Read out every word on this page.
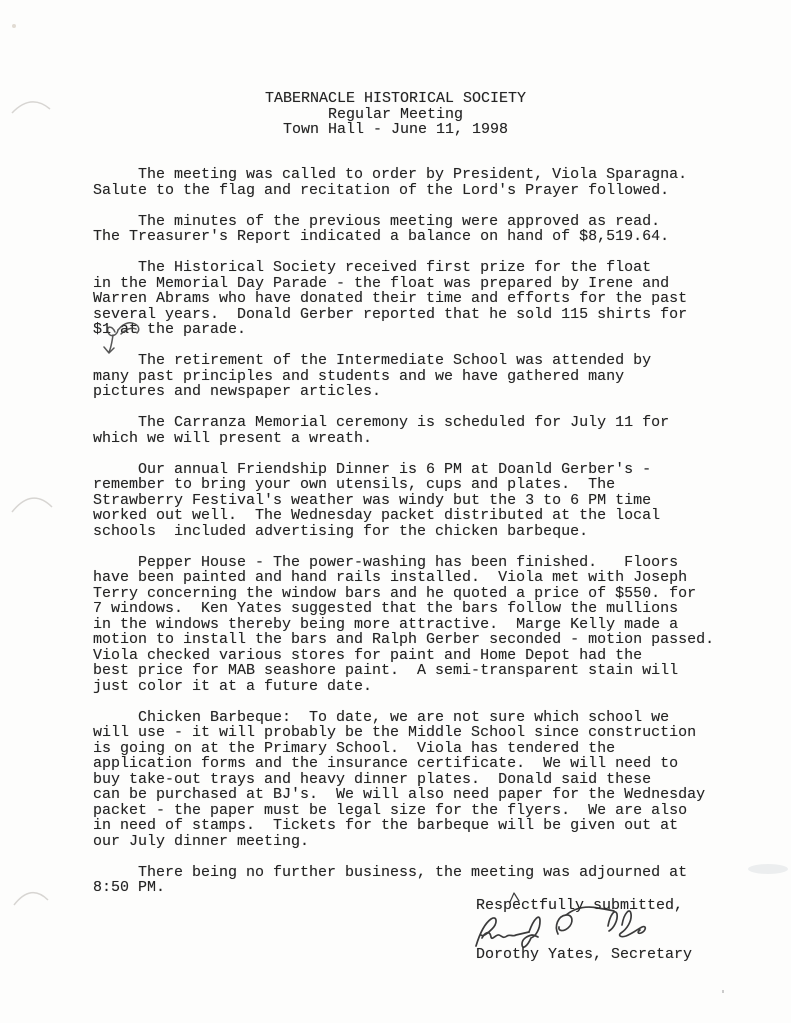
TABERNACLE HISTORICAL SOCIETY
Regular Meeting
Town Hall - June 11, 1998
The meeting was called to order by President, Viola Sparagna.
Salute to the flag and recitation of the Lord's Prayer followed.
The minutes of the previous meeting were approved as read.
The Treasurer's Report indicated a balance on hand of $8,519.64.
The Historical Society received first prize for the float
in the Memorial Day Parade - the float was prepared by Irene and
Warren Abrams who have donated their time and efforts for the past
several years.  Donald Gerber reported that he sold 115 shirts for
$1 at the parade.
The retirement of the Intermediate School was attended by
many past principles and students and we have gathered many
pictures and newspaper articles.
The Carranza Memorial ceremony is scheduled for July 11 for
which we will present a wreath.
Our annual Friendship Dinner is 6 PM at Doanld Gerber's -
remember to bring your own utensils, cups and plates.  The
Strawberry Festival's weather was windy but the 3 to 6 PM time
worked out well.  The Wednesday packet distributed at the local
schools  included advertising for the chicken barbeque.
Pepper House - The power-washing has been finished.   Floors
have been painted and hand rails installed.  Viola met with Joseph
Terry concerning the window bars and he quoted a price of $550. for
7 windows.  Ken Yates suggested that the bars follow the mullions
in the windows thereby being more attractive.  Marge Kelly made a
motion to install the bars and Ralph Gerber seconded - motion passed.
Viola checked various stores for paint and Home Depot had the
best price for MAB seashore paint.  A semi-transparent stain will
just color it at a future date.
Chicken Barbeque:  To date, we are not sure which school we
will use - it will probably be the Middle School since construction
is going on at the Primary School.  Viola has tendered the
application forms and the insurance certificate.  We will need to
buy take-out trays and heavy dinner plates.  Donald said these
can be purchased at BJ's.  We will also need paper for the Wednesday
packet - the paper must be legal size for the flyers.  We are also
in need of stamps.  Tickets for the barbeque will be given out at
our July dinner meeting.
There being no further business, the meeting was adjourned at
8:50 PM.
Respectfully submitted,
Dorothy Yates, Secretary
